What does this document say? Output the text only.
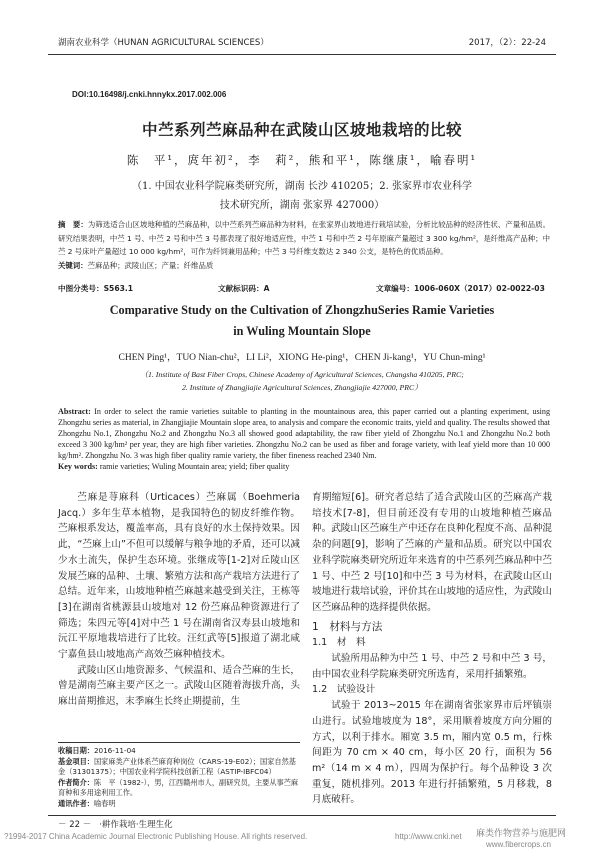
湖南农业科学（HUNAN AGRICULTURAL SCIENCES）	2017，（2）：22-24
DOI:10.16498/j.cnki.hnnykx.2017.002.006
中苎系列苎麻品种在武陵山区坡地栽培的比较
陈　平¹，庹年初²，李　莉²，熊和平¹，陈继康¹，喻春明¹
（1. 中国农业科学院麻类研究所，湖南 长沙 410205；2. 张家界市农业科学
技术研究所，湖南 张家界 427000）
摘　要：为筛选适合山区坡地种植的苎麻品种，以中苎系列苎麻品种为材料，在张家界山坡地进行栽培试验，分析比较品种的经济性状、产量和品质。研究结果表明，中苎 1 号、中苎 2 号和中苎 3 号都表现了很好地适应性，中苎 1 号和中苎 2 号年原麻产量超过 3 300 kg/hm²，是纤维高产品种；中苎 2 号床叶产量超过 10 000 kg/hm²，可作为纤饲兼用品种；中苎 3 号纤维支数达 2 340 公支，是特色的优质品种。
关键词：苎麻品种；武陵山区；产量；纤维品质
中图分类号：S563.1	文献标识码：A	文章编号：1006-060X（2017）02-0022-03
Comparative Study on the Cultivation of ZhongzhuSeries Ramie Varieties
in Wuling Mountain Slope
CHEN Ping¹，TUO Nian-chu²，LI Li²，XIONG He-ping¹，CHEN Ji-kang¹，YU Chun-ming¹
（1. Institute of Bast Fiber Crops, Chinese Academy of Agricultural Sciences, Changsha 410205, PRC;
2. Institute of Zhangjiajie Agricultural Sciences, Zhangjiajie 427000, PRC）
Abstract: In order to select the ramie varieties suitable to planting in the mountainous area, this paper carried out a planting experiment, using Zhongzhu series as material, in Zhangjiajie Mountain slope area, to analysis and compare the economic traits, yield and quality. The results showed that Zhongzhu No.1, Zhongzhu No.2 and Zhongzhu No.3 all showed good adaptability, the raw fiber yield of Zhongzhu No.1 and Zhongzhu No.2 both exceed 3 300 kg/hm² per year, they are high fiber varieties. Zhongzhu No.2 can be used as fiber and forage variety, with leaf yield more than 10 000 kg/hm². Zhongzhu No. 3 was high fiber quality ramie variety, the fiber fineness reached 2340 Nm.
Key words: ramie varieties; Wuling Mountain area; yield; fiber quality

苎麻是荨麻科（Urticaces）苎麻属（Boehmeria Jacq.）多年生草本植物，是我国特色的韧皮纤维作物。苎麻根系发达，覆盖率高，具有良好的水土保持效果。因此，“苎麻上山”不但可以缓解与粮争地的矛盾，还可以减少水土流失，保护生态环境。张继成等[1-2]对丘陵山区发展苎麻的品种、土壤、繁殖方法和高产栽培方法进行了总结。近年来，山坡地种植苎麻越来越受到关注，王栋等[3]在湖南省桃源县山坡地对 12 份苎麻品种资源进行了筛选；朱四元等[4]对中苎 1 号在湖南省汉寿县山坡地和沅江平原地栽培进行了比较。汪红武等[5]报道了湖北咸宁嘉鱼县山坡地高产高效苎麻种植技术。

武陵山区山地资源多、气候温和、适合苎麻的生长，曾是湖南苎麻主要产区之一。武陵山区随着海拔升高，头麻出苗期推迟，末季麻生长终止期提前，生

收稿日期：2016-11-04
基金项目：国家麻类产业体系苎麻育种岗位（CARS-19-E02）；国家自然基金（31301375）；中国农业科学院科技创新工程（ASTIP-IBFC04）
作者简介：陈　平（1982-），男，江西赣州市人，副研究员，主要从事苎麻育种和多用途利用工作。
通讯作者：喻春明

育期缩短[6]。研究者总结了适合武陵山区的苎麻高产栽培技术[7-8]，但目前还没有专用的山坡地种植苎麻品种。武陵山区苎麻生产中还存在良种化程度不高、品种混杂的问题[9]，影响了苎麻的产量和品质。研究以中国农业科学院麻类研究所近年来选育的中苎系列苎麻品种中苎 1 号、中苎 2 号[10]和中苎 3 号为材料，在武陵山区山坡地进行栽培试验，评价其在山坡地的适应性，为武陵山区苎麻品种的选择提供依据。

1　材料与方法
1.1　材　料

试验所用品种为中苎 1 号、中苎 2 号和中苎 3 号，由中国农业科学院麻类研究所选育，采用扦插繁殖。

1.2　试验设计

试验于 2013~2015 年在湖南省张家界市后坪镇崇山进行。试验地坡度为 18°，采用顺着坡度方向分厢的方式，以利于排水。厢宽 3.5 m，厢内宽 0.5 m，行株间距为 70 cm × 40 cm，每小区 20 行，面积为 56 m²（14 m × 4 m），四周为保护行。每个品种设 3 次重复，随机排列。2013 年进行扦插繁殖，5 月移栽，8 月底破秆。

－ 22 － ·耕作栽培·生理生化
?1994-2017 China Academic Journal Electronic Publishing House. All rights reserved.	http://www.cnki.net 麻类作物营养与施肥网
www.fibercrops.cn
